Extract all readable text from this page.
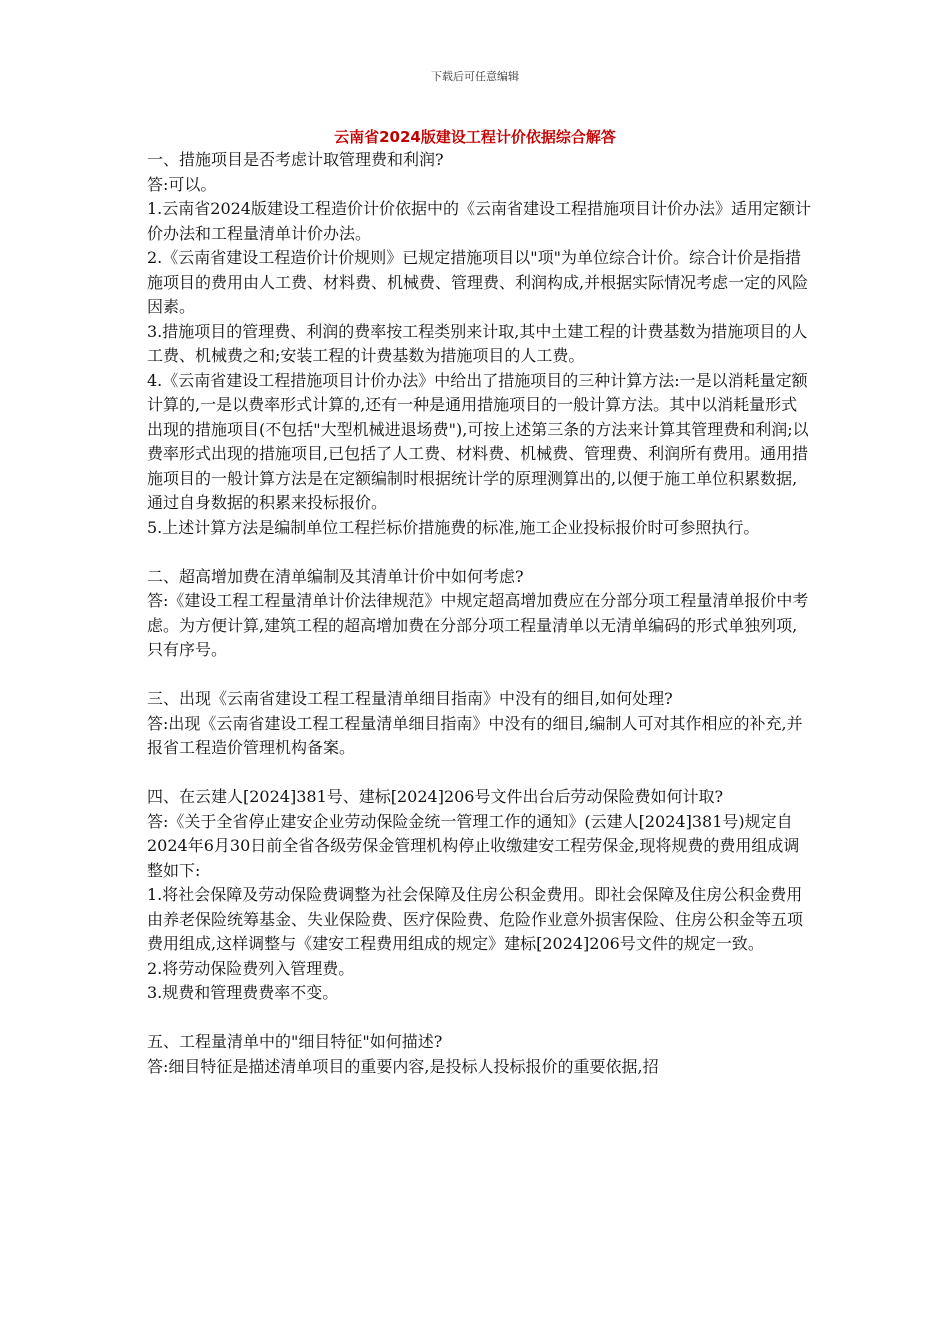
下载后可任意编辑
云南省2024版建设工程计价依据综合解答

一、措施项目是否考虑计取管理费和利润?

答:可以。

1.云南省2024版建设工程造价计价依据中的《云南省建设工程措施项目计价办法》适用定额计价办法和工程量清单计价办法。

2.《云南省建设工程造价计价规则》已规定措施项目以"项"为单位综合计价。综合计价是指措施项目的费用由人工费、材料费、机械费、管理费、利润构成,并根据实际情况考虑一定的风险因素。

3.措施项目的管理费、利润的费率按工程类别来计取,其中土建工程的计费基数为措施项目的人工费、机械费之和;安装工程的计费基数为措施项目的人工费。

4.《云南省建设工程措施项目计价办法》中给出了措施项目的三种计算方法:一是以消耗量定额计算的,一是以费率形式计算的,还有一种是通用措施项目的一般计算方法。其中以消耗量形式出现的措施项目(不包括"大型机械进退场费"),可按上述第三条的方法来计算其管理费和利润;以费率形式出现的措施项目,已包括了人工费、材料费、机械费、管理费、利润所有费用。通用措施项目的一般计算方法是在定额编制时根据统计学的原理测算出的,以便于施工单位积累数据,通过自身数据的积累来投标报价。

5.上述计算方法是编制单位工程拦标价措施费的标准,施工企业投标报价时可参照执行。

二、超高增加费在清单编制及其清单计价中如何考虑?

答:《建设工程工程量清单计价法律规范》中规定超高增加费应在分部分项工程量清单报价中考虑。为方便计算,建筑工程的超高增加费在分部分项工程量清单以无清单编码的形式单独列项,只有序号。

三、出现《云南省建设工程工程量清单细目指南》中没有的细目,如何处理?

答:出现《云南省建设工程工程量清单细目指南》中没有的细目,编制人可对其作相应的补充,并报省工程造价管理机构备案。

四、在云建人[2024]381号、建标[2024]206号文件出台后劳动保险费如何计取?

答:《关于全省停止建安企业劳动保险金统一管理工作的通知》(云建人[2024]381号)规定自2024年6月30日前全省各级劳保金管理机构停止收缴建安工程劳保金,现将规费的费用组成调整如下:

1.将社会保障及劳动保险费调整为社会保障及住房公积金费用。即社会保障及住房公积金费用由养老保险统筹基金、失业保险费、医疗保险费、危险作业意外损害保险、住房公积金等五项费用组成,这样调整与《建安工程费用组成的规定》建标[2024]206号文件的规定一致。

2.将劳动保险费列入管理费。

3.规费和管理费费率不变。

五、工程量清单中的"细目特征"如何描述?

答:细目特征是描述清单项目的重要内容,是投标人投标报价的重要依据,招
